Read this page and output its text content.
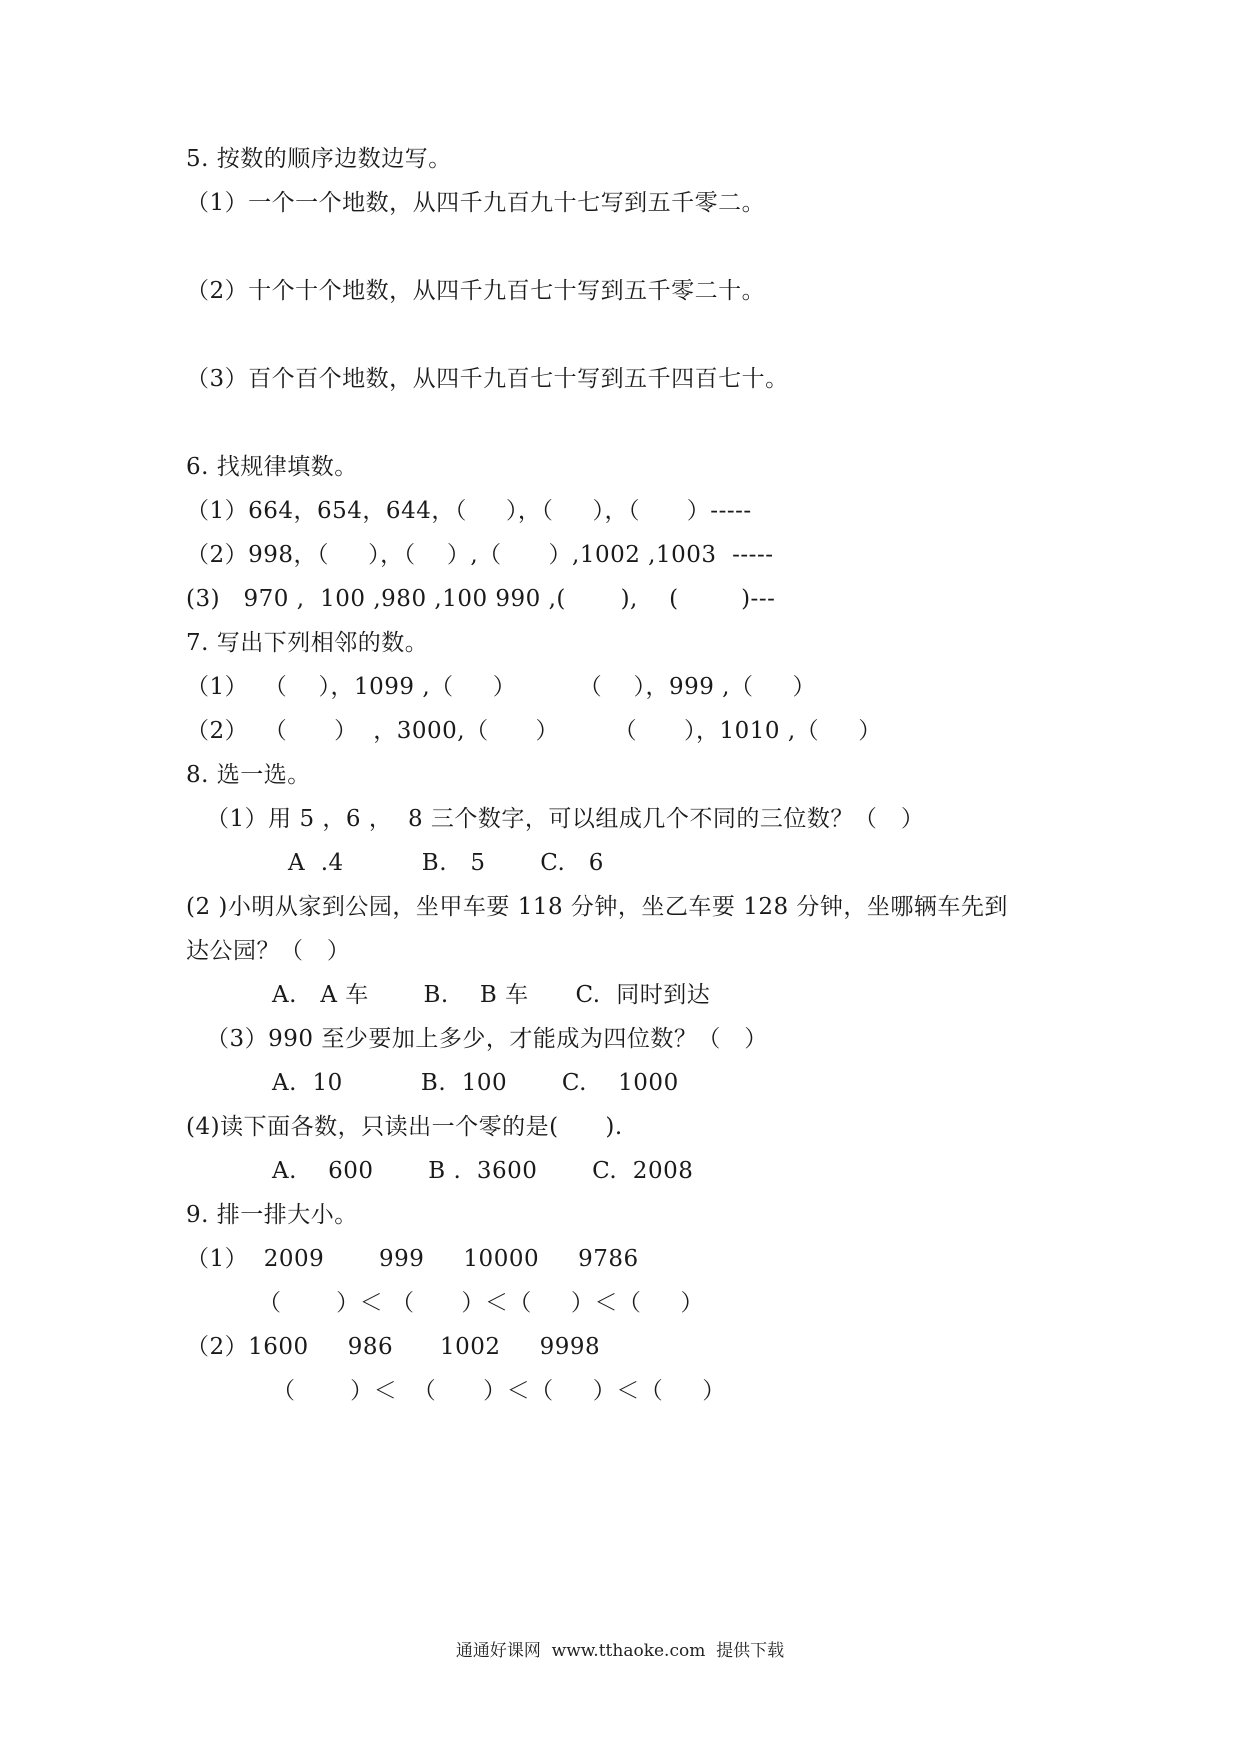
5. 按数的顺序边数边写。
（1）一个一个地数，从四千九百九十七写到五千零二。
（2）十个十个地数，从四千九百七十写到五千零二十。
（3）百个百个地数，从四千九百七十写到五千四百七十。
6. 找规律填数。
（1）664，654，644，（     ），（     ），（      ）-----
（2）998，（     ），（    ）,（      ）,1002 ,1003  -----
(3)   970 ,  100 ,980 ,100 990 ,(       ),    (        )---
7. 写出下列相邻的数。
（1）  （    ），1099 ,（     ）        （    ），999 ,（     ）
（2）  （      ）  ，3000,（      ）       （      ），1010 ,（     ）
8. 选一选。
（1）用 5 ，6 ，  8 三个数字，可以组成几个不同的三位数？（   ）
A  .4          B.   5       C.   6
(2 )小明从家到公园，坐甲车要 118 分钟，坐乙车要 128 分钟，坐哪辆车先到
达公园？（   ）
A.   A 车       B.    B 车      C.  同时到达
（3）990 至少要加上多少，才能成为四位数？（   ）
A.  10          B.  100       C.    1000
(4)读下面各数，只读出一个零的是(      ).
A.    600       B .  3600       C.  2008
9. 排一排大小。
（1）  2009       999     10000     9786
（       ）＜ （      ）＜（     ）＜（     ）
（2）1600     986      1002     9998
（       ）＜  （      ）＜（     ）＜（     ）
通通好课网  www.tthaoke.com  提供下载
